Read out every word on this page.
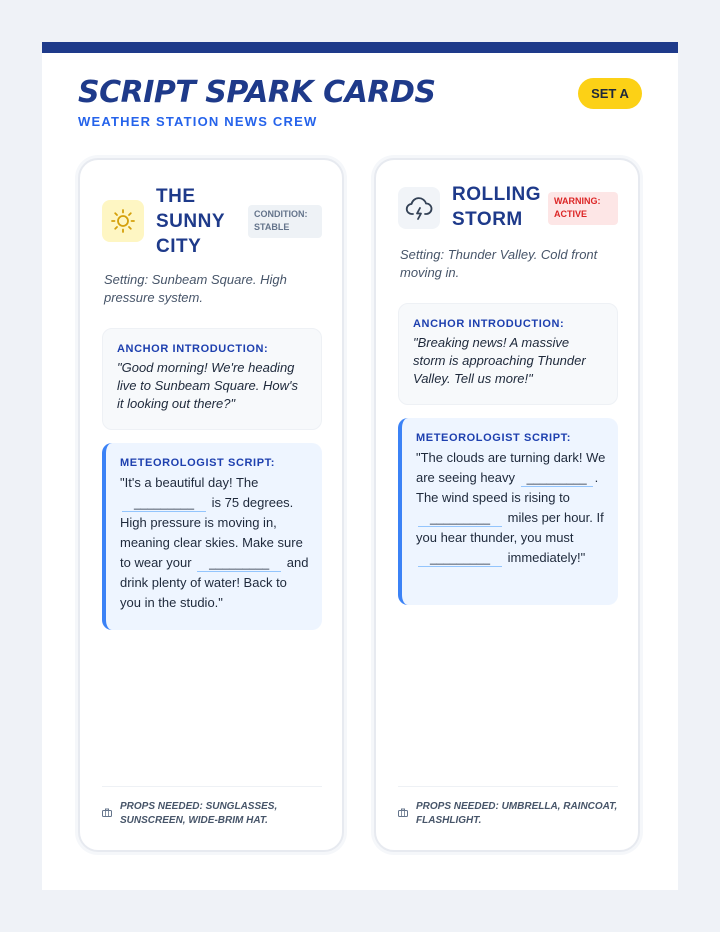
SCRIPT SPARK CARDS
WEATHER STATION NEWS CREW
SET A
THE
SUNNY
CITY
CONDITION:
STABLE

Setting: Sunbeam Square. High pressure system.

ANCHOR INTRODUCTION:
"Good morning! We're heading live to Sunbeam Square. How's it looking out there?"
METEOROLOGIST SCRIPT:
"It's a beautiful day! The _________ is 75 degrees. High pressure is moving in, meaning clear skies. Make sure to wear your _________	and drink plenty of water! Back to you in the studio."
PROPS NEEDED: SUNGLASSES, SUNSCREEN, WIDE-BRIM HAT.
ROLLING
STORM
WARNING:
ACTIVE

Setting: Thunder Valley. Cold front moving in.

ANCHOR INTRODUCTION:
"Breaking news! A massive storm is approaching Thunder Valley. Tell us more!"
METEOROLOGIST SCRIPT:
"The clouds are turning dark! We are seeing heavy _________	. The wind speed is rising to _________ miles per hour. If you hear thunder, you must _________ immediately!"
PROPS NEEDED: UMBRELLA, RAINCOAT, FLASHLIGHT.
